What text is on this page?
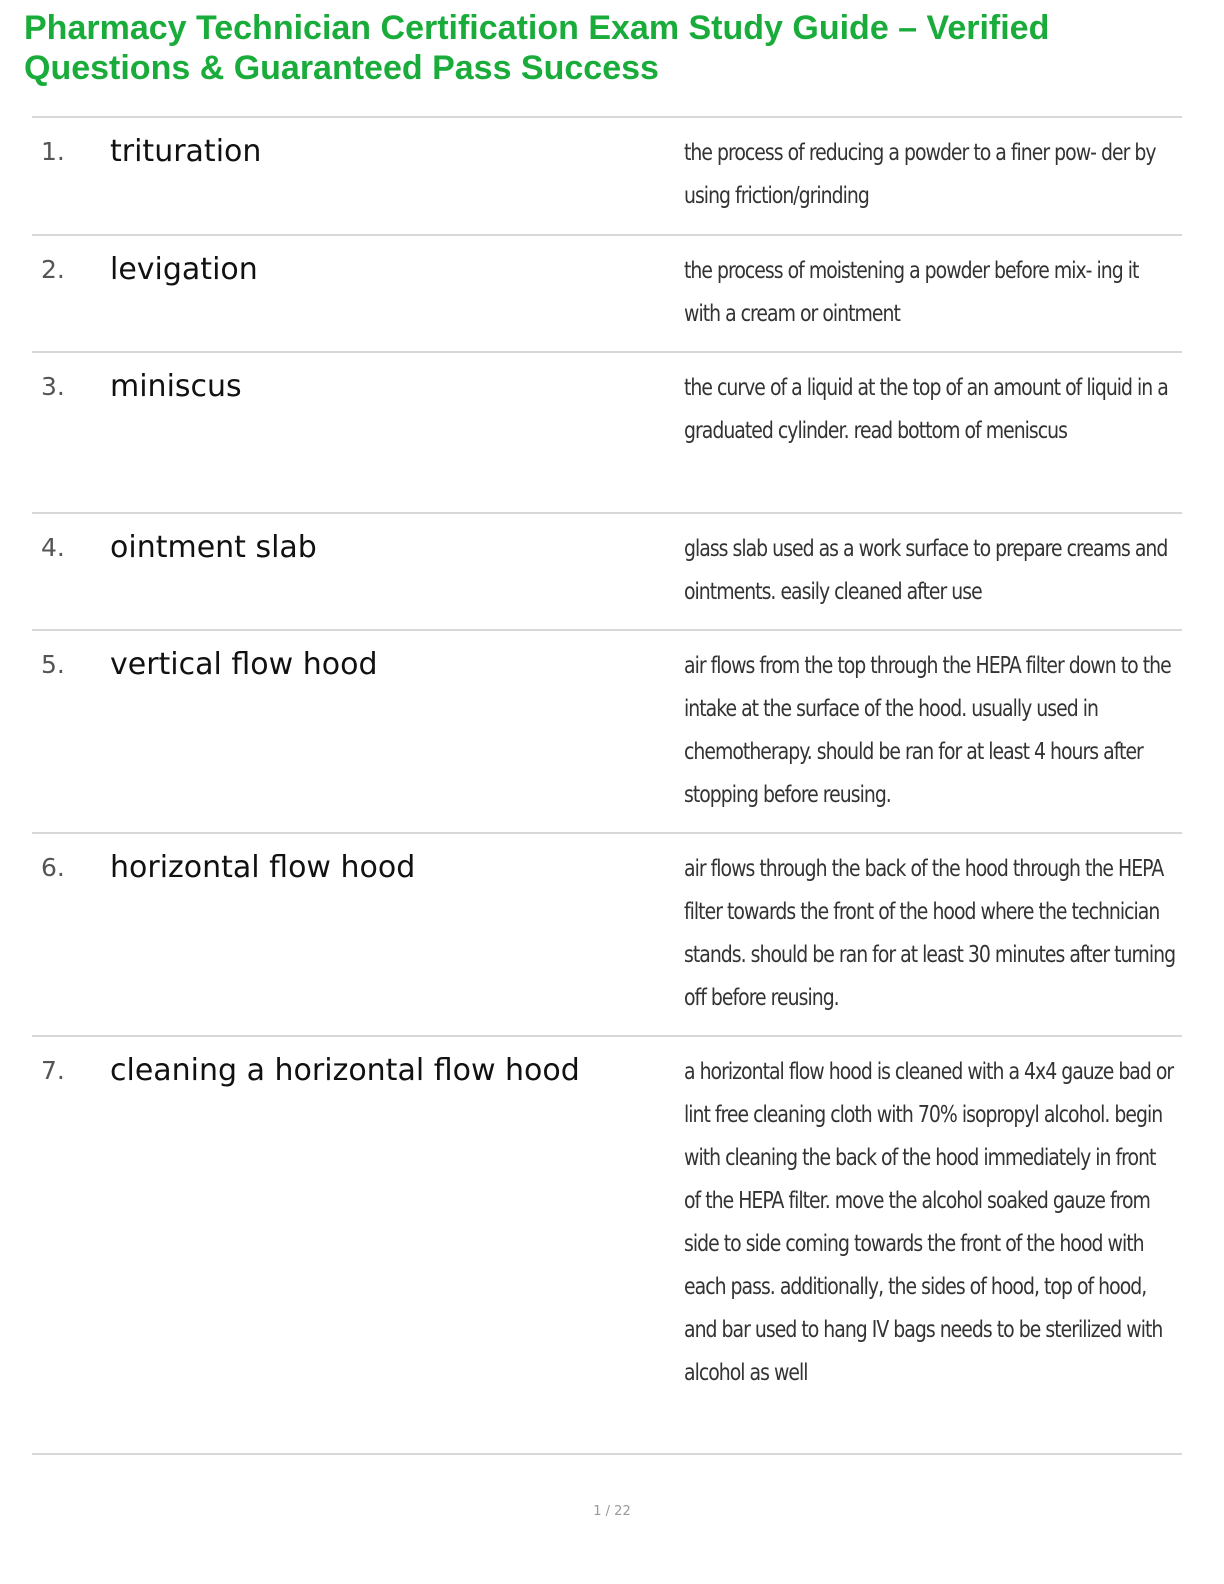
Pharmacy Technician Certification Exam Study Guide – Verified Questions & Guaranteed Pass Success
1. trituration	the process of reducing a powder to a finer pow- der by using friction/grinding
2. levigation	the process of moistening a powder before mix- ing it with a cream or ointment
3. miniscus	the curve of a liquid at the top of an amount of liquid in a graduated cylinder. read bottom of meniscus
4. ointment slab	glass slab used as a work surface to prepare creams and ointments. easily cleaned after use
5. vertical flow hood	air flows from the top through the HEPA filter down to the intake at the surface of the hood. usually used in chemotherapy. should be ran for at least 4 hours after stopping before reusing.
6. horizontal flow hood	air flows through the back of the hood through the HEPA filter towards the front of the hood where the technician stands. should be ran for at least 30 minutes after turning off before reusing.
7. cleaning a horizontal flow hood	a horizontal flow hood is cleaned with a 4x4 gauze bad or lint free cleaning cloth with 70% isopropyl alcohol. begin with cleaning the back of the hood immediately in front of the HEPA filter. move the alcohol soaked gauze from side to side coming towards the front of the hood with each pass. additionally, the sides of hood, top of hood, and bar used to hang IV bags needs to be sterilized with alcohol as well
1 / 22
